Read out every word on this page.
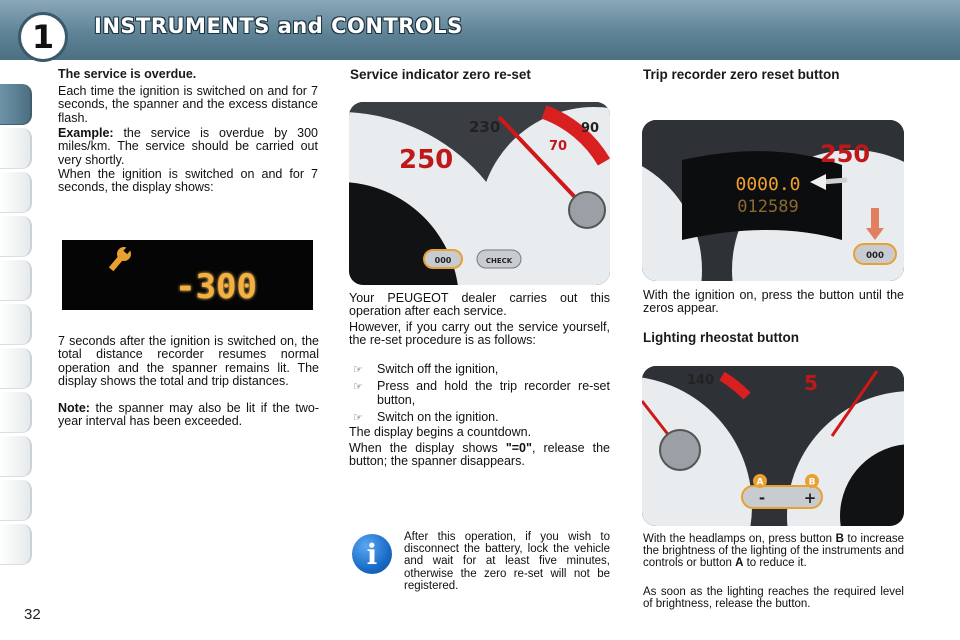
1	INSTRUMENTS and CONTROLS
The service is overdue.
Each time the ignition is switched on and for 7 seconds, the spanner and the excess distance flash.
Example: the service is overdue by 300 miles/km. The service should be carried out very shortly.
When the ignition is switched on and for 7 seconds, the display shows:
-300
7 seconds after the ignition is switched on, the total distance recorder resumes normal operation and the spanner remains lit. The display shows the total and trip distances.
Note: the spanner may also be lit if the two-year interval has been exceeded.
Service indicator zero re-set
230
250	70
90
000	CHECK
Your PEUGEOT dealer carries out this operation after each service.
However, if you carry out the service yourself, the re-set procedure is as follows:
☞	Switch off the ignition,
☞	Press and hold the trip recorder re-set button,
☞	Switch on the ignition.
The display begins a countdown.
When the display shows "=0", release the button; the spanner disappears.
i
After this operation, if you wish to disconnect the battery, lock the vehicle and wait for at least five minutes, otherwise the zero re-set will not be registered.
Trip recorder zero reset button
0000.0
012589
250
000
With the ignition on, press the button until the zeros appear.
Lighting rheostat button
140	5
A	B
-	+
With the headlamps on, press button B to increase the brightness of the lighting of the instruments and controls or button A to reduce it.
As soon as the lighting reaches the required level of brightness, release the button.
32
